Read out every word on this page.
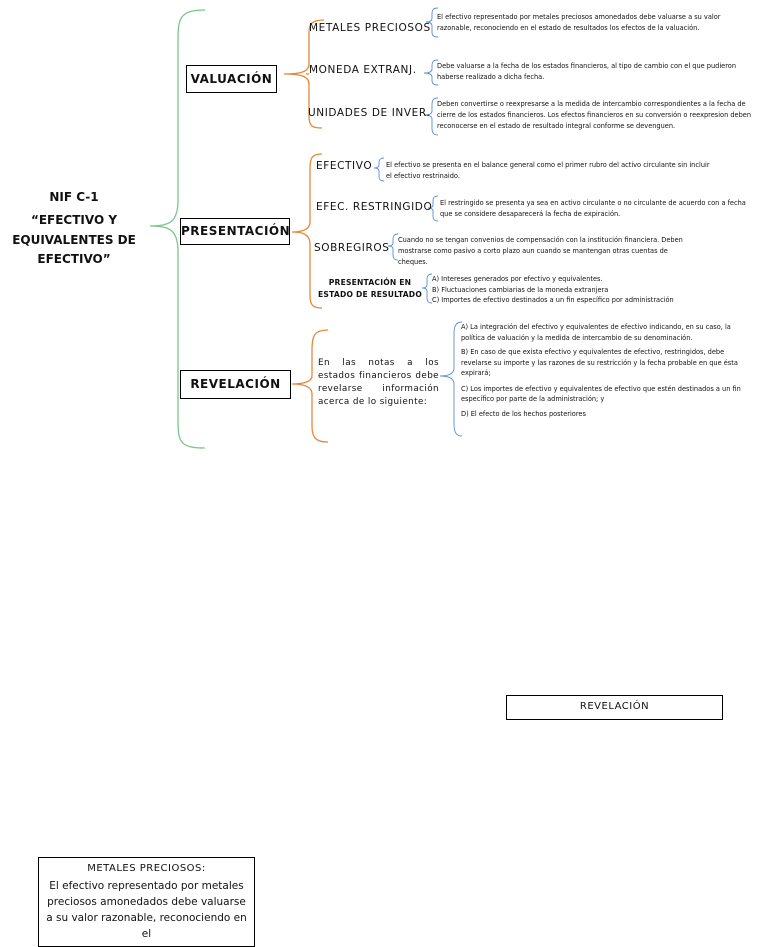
NIF C-1
“EFECTIVO Y
EQUIVALENTES DE
EFECTIVO”
VALUACIÓN
PRESENTACIÓN
REVELACIÓN
METALES PRECIOSOS
El efectivo representado por metales preciosos amonedados debe valuarse a su valor razonable, reconociendo en el estado de resultados los efectos de la valuación.
MONEDA EXTRANJ.	Debe valuarse a la fecha de los estados financieros, al tipo de cambio con el que pudieron haberse realizado a dicha fecha.
UNIDADES DE INVER.
Deben convertirse o reexpresarse a la medida de intercambio correspondientes a la fecha de cierre de los estados financieros. Los efectos financieros en su conversión o reexpresion deben reconocerse en el estado de resultado integral conforme se devenguen.
EFECTIVO El efectivo se presenta en el balance general como el primer rubro del activo circulante sin incluir el efectivo restrinaido.
EFEC. RESTRINGIDO El restringido se presenta ya sea en activo circulante o no circulante de acuerdo con a fecha que se considere desaparecerá la fecha de expiración.
SOBREGIROS
Cuando no se tengan convenios de compensación con la institución financiera. Deben mostrarse como pasivo a corto plazo aun cuando se mantengan otras cuentas de cheques.
PRESENTACIÓN EN
ESTADO DE RESULTADO
A) Intereses generados por efectivo y equivalentes.
B) Fluctuaciones cambiarias de la moneda extranjera
C) Importes de efectivo destinados a un fin específico por administración
En las notas a los estados financieros debe revelarse información acerca de lo siguiente:
A) La integración del efectivo y equivalentes de efectivo indicando, en su caso, la política de valuación y la medida de intercambio de su denominación.
B) En caso de que exista efectivo y equivalentes de efectivo, restringidos, debe revelarse su importe y las razones de su restricción y la fecha probable en que ésta expirará;
C) Los importes de efectivo y equivalentes de efectivo que estén destinados a un fin específico por parte de la administración; y
D) El efecto de los hechos posteriores
REVELACIÓN
METALES PRECIOSOS:
El efectivo representado por metales preciosos amonedados debe valuarse a su valor razonable, reconociendo en el
